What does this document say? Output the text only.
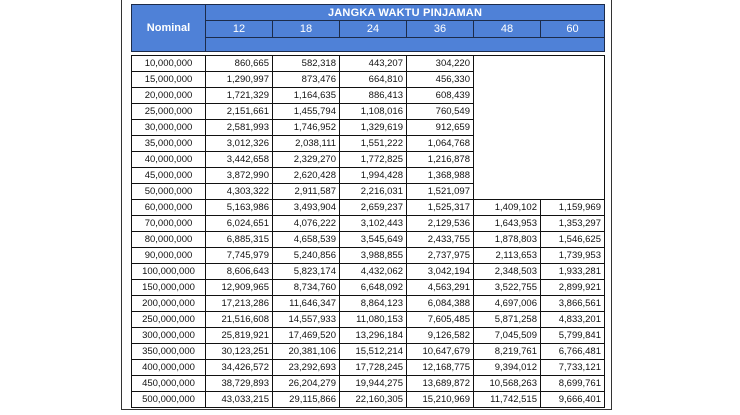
Nominal	JANGKA WAKTU PINJAMAN					
	12	18	24	36	48	60

10,000,000	860,665	582,318	443,207	304,220		
15,000,000	1,290,997	873,476	664,810	456,330		
20,000,000	1,721,329	1,164,635	886,413	608,439		
25,000,000	2,151,661	1,455,794	1,108,016	760,549		
30,000,000	2,581,993	1,746,952	1,329,619	912,659		
35,000,000	3,012,326	2,038,111	1,551,222	1,064,768		
40,000,000	3,442,658	2,329,270	1,772,825	1,216,878		
45,000,000	3,872,990	2,620,428	1,994,428	1,368,988		
50,000,000	4,303,322	2,911,587	2,216,031	1,521,097		
60,000,000	5,163,986	3,493,904	2,659,237	1,525,317	1,409,102	1,159,969
70,000,000	6,024,651	4,076,222	3,102,443	2,129,536	1,643,953	1,353,297
80,000,000	6,885,315	4,658,539	3,545,649	2,433,755	1,878,803	1,546,625
90,000,000	7,745,979	5,240,856	3,988,855	2,737,975	2,113,653	1,739,953
100,000,000	8,606,643	5,823,174	4,432,062	3,042,194	2,348,503	1,933,281
150,000,000	12,909,965	8,734,760	6,648,092	4,563,291	3,522,755	2,899,921
200,000,000	17,213,286	11,646,347	8,864,123	6,084,388	4,697,006	3,866,561
250,000,000	21,516,608	14,557,933	11,080,153	7,605,485	5,871,258	4,833,201
300,000,000	25,819,921	17,469,520	13,296,184	9,126,582	7,045,509	5,799,841
350,000,000	30,123,251	20,381,106	15,512,214	10,647,679	8,219,761	6,766,481
400,000,000	34,426,572	23,292,693	17,728,245	12,168,775	9,394,012	7,733,121
450,000,000	38,729,893	26,204,279	19,944,275	13,689,872	10,568,263	8,699,761
500,000,000	43,033,215	29,115,866	22,160,305	15,210,969	11,742,515	9,666,401
